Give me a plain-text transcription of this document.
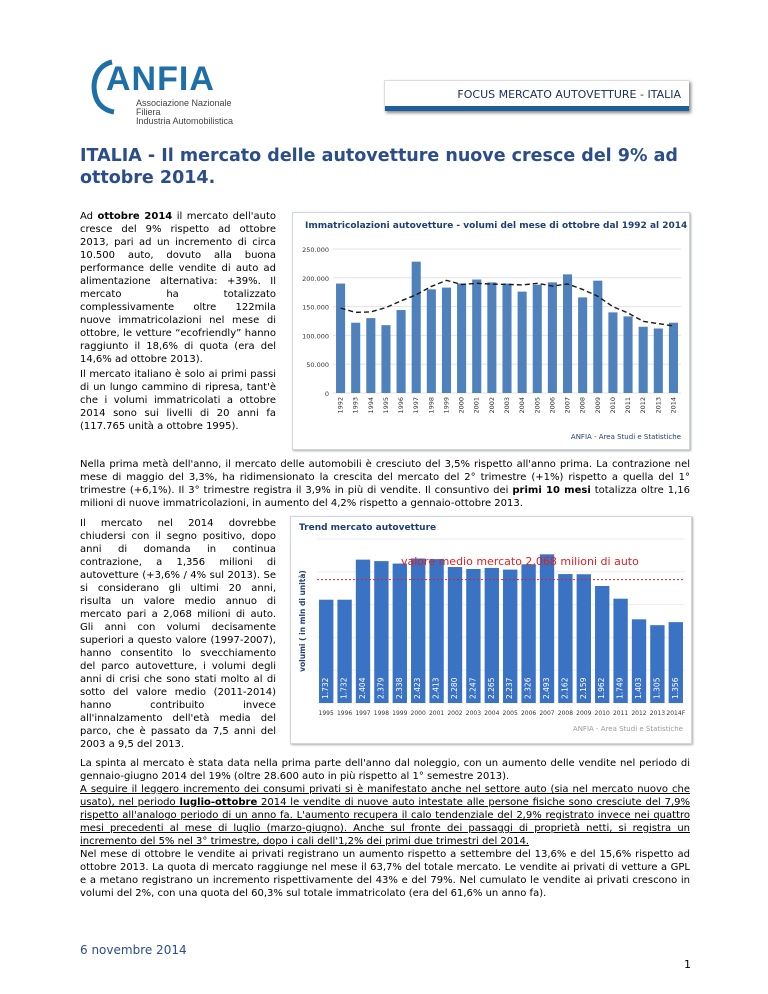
ANFIA
Associazione Nazionale
Filiera
Industria Automobilistica
FOCUS MERCATO AUTOVETTURE - ITALIA
ITALIA - Il mercato delle autovetture nuove cresce del 9% ad ottobre 2014.

Ad ottobre 2014 il mercato dell'auto cresce del 9% rispetto ad ottobre 2013, pari ad un incremento di circa 10.500 auto, dovuto alla buona performance delle vendite di auto ad alimentazione alternativa: +39%. Il mercato ha totalizzato complessivamente oltre 122mila nuove immatricolazioni nel mese di ottobre, le vetture “ecofriendly” hanno raggiunto il 18,6% di quota (era del 14,6% ad ottobre 2013).

Il mercato italiano è solo ai primi passi di un lungo cammino di ripresa, tant'è che i volumi immatricolati a ottobre 2014 sono sui livelli di 20 anni fa (117.765 unità a ottobre 1995).

Immatricolazioni autovetture - volumi del mese di ottobre dal 1992 al 2014
0
50.000
100.000
150.000
200.000
250.000
1992 1993 1994 1995 1996 1997 1998 1999 2000 2001 2002 2003 2004 2005 2006 2007 2008 2009 2010 2011 2012 2013 2014
ANFIA - Area Studi e Statistiche

Nella prima metà dell'anno, il mercato delle automobili è cresciuto del 3,5% rispetto all'anno prima. La contrazione nel mese di maggio del 3,3%, ha ridimensionato la crescita del mercato del 2° trimestre (+1%) rispetto a quella del 1° trimestre (+6,1%). Il 3° trimestre registra il 3,9% in più di vendite. Il consuntivo dei primi 10 mesi totalizza oltre 1,16 milioni di nuove immatricolazioni, in aumento del 4,2% rispetto a gennaio-ottobre 2013.

Il mercato nel 2014 dovrebbe chiudersi con il segno positivo, dopo anni di domanda in continua contrazione, a 1,356 milioni di autovetture (+3,6% / 4% sul 2013). Se si considerano gli ultimi 20 anni, risulta un valore medio annuo di mercato pari a 2,068 milioni di auto. Gli anni con volumi decisamente superiori a questo valore (1997-2007), hanno consentito lo svecchiamento del parco autovetture, i volumi degli anni di crisi che sono stati molto al di sotto del valore medio (2011-2014) hanno contribuito invece all'innalzamento dell'età media del parco, che è passato da 7,5 anni del 2003 a 9,5 del 2013.

Trend mercato autovetture
volumi ( in mln di unità)
1.732
1995
1.732
1996
2.404
1997
2.379
1998
2.338
1999
2.423
2000
2.413
2001
2.280
2002
2.247
2003
2.265
2004
2.237
2005
2.326
2006
2.493
2007
2.162
2008
2.159
2009
1.962
2010
1.749
2011
1.403
2012
1.305
2013
1.356
2014F
valore medio mercato 2,068 milioni di auto
ANFIA - Area Studi e Statistiche

La spinta al mercato è stata data nella prima parte dell'anno dal noleggio, con un aumento delle vendite nel periodo di gennaio-giugno 2014 del 19% (oltre 28.600 auto in più rispetto al 1° semestre 2013).

A seguire il leggero incremento dei consumi privati si è manifestato anche nel settore auto (sia nel mercato nuovo che usato), nel periodo luglio-ottobre 2014 le vendite di nuove auto intestate alle persone fisiche sono cresciute del 7,9% rispetto all'analogo periodo di un anno fa. L'aumento recupera il calo tendenziale del 2,9% registrato invece nei quattro mesi precedenti al mese di luglio (marzo-giugno). Anche sul fronte dei passaggi di proprietà netti, si registra un incremento del 5% nel 3° trimestre, dopo i cali dell'1,2% dei primi due trimestri del 2014.

Nel mese di ottobre le vendite ai privati registrano un aumento rispetto a settembre del 13,6% e del 15,6% rispetto ad ottobre 2013. La quota di mercato raggiunge nel mese il 63,7% del totale mercato. Le vendite ai privati di vetture a GPL e a metano registrano un incremento rispettivamente del 43% e del 79%. Nel cumulato le vendite ai privati crescono in volumi del 2%, con una quota del 60,3% sul totale immatricolato (era del 61,6% un anno fa).

6 novembre 2014
1
